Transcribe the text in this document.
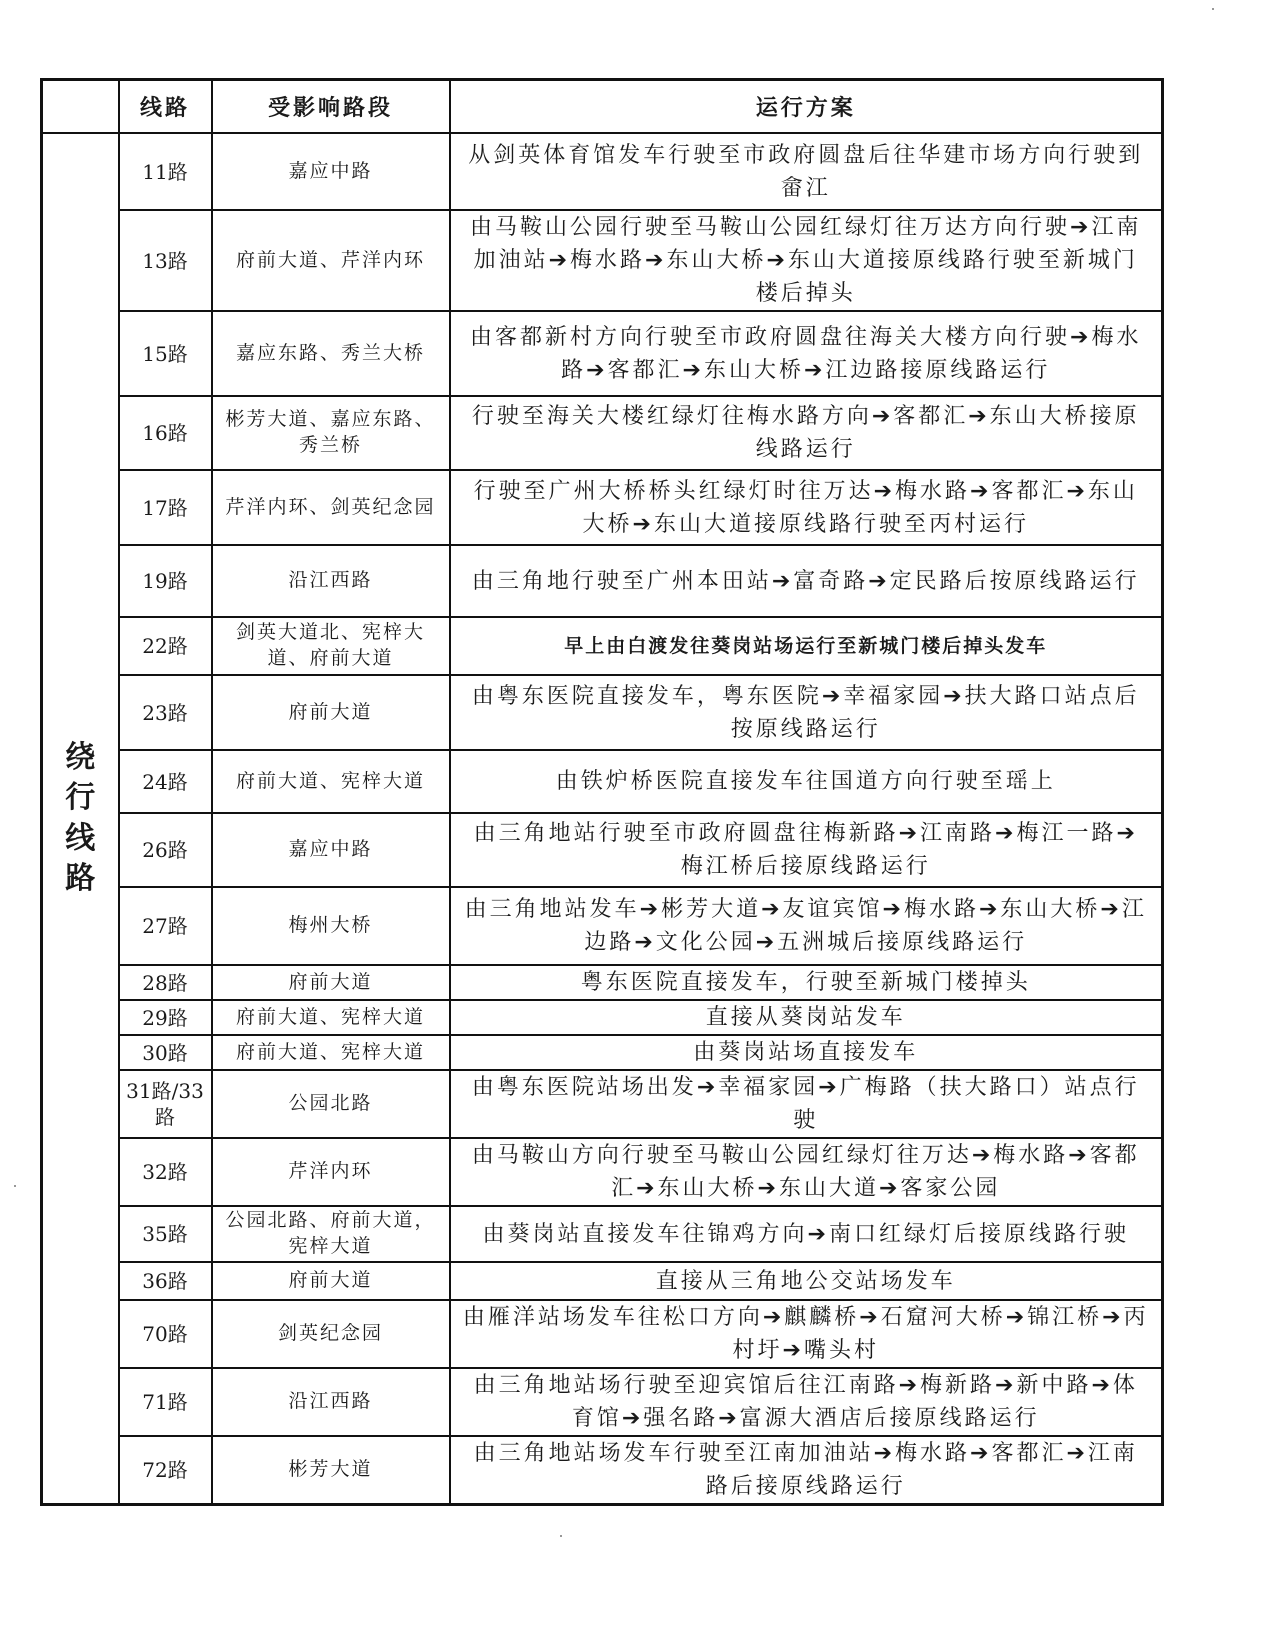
	线路	受影响路段	运行方案
绕行线路	11路	嘉应中路	从剑英体育馆发车行驶至市政府圆盘后往华建市场方向行驶到畲江
	13路	府前大道、芹洋内环	由马鞍山公园行驶至马鞍山公园红绿灯往万达方向行驶➔江南加油站➔梅水路➔东山大桥➔东山大道接原线路行驶至新城门楼后掉头
	15路	嘉应东路、秀兰大桥	由客都新村方向行驶至市政府圆盘往海关大楼方向行驶➔梅水路➔客都汇➔东山大桥➔江边路接原线路运行
	16路	彬芳大道、嘉应东路、秀兰桥	行驶至海关大楼红绿灯往梅水路方向➔客都汇➔东山大桥接原线路运行
	17路	芹洋内环、剑英纪念园	行驶至广州大桥桥头红绿灯时往万达➔梅水路➔客都汇➔东山大桥➔东山大道接原线路行驶至丙村运行
	19路	沿江西路	由三角地行驶至广州本田站➔富奇路➔定民路后按原线路运行
	22路	剑英大道北、宪梓大道、府前大道	早上由白渡发往葵岗站场运行至新城门楼后掉头发车
	23路	府前大道	由粤东医院直接发车，粤东医院➔幸福家园➔扶大路口站点后按原线路运行
	24路	府前大道、宪梓大道	由铁炉桥医院直接发车往国道方向行驶至瑶上
	26路	嘉应中路	由三角地站行驶至市政府圆盘往梅新路➔江南路➔梅江一路➔梅江桥后接原线路运行
	27路	梅州大桥	由三角地站发车➔彬芳大道➔友谊宾馆➔梅水路➔东山大桥➔江边路➔文化公园➔五洲城后接原线路运行
	28路	府前大道	粤东医院直接发车，行驶至新城门楼掉头
	29路	府前大道、宪梓大道	直接从葵岗站发车
	30路	府前大道、宪梓大道	由葵岗站场直接发车
	31路/33路	公园北路	由粤东医院站场出发➔幸福家园➔广梅路（扶大路口）站点行驶
	32路	芹洋内环	由马鞍山方向行驶至马鞍山公园红绿灯往万达➔梅水路➔客都汇➔东山大桥➔东山大道➔客家公园
	35路	公园北路、府前大道，宪梓大道	由葵岗站直接发车往锦鸡方向➔南口红绿灯后接原线路行驶
	36路	府前大道	直接从三角地公交站场发车
	70路	剑英纪念园	由雁洋站场发车往松口方向➔麒麟桥➔石窟河大桥➔锦江桥➔丙村圩➔嘴头村
	71路	沿江西路	由三角地站场行驶至迎宾馆后往江南路➔梅新路➔新中路➔体育馆➔强名路➔富源大酒店后接原线路运行
	72路	彬芳大道	由三角地站场发车行驶至江南加油站➔梅水路➔客都汇➔江南路后接原线路运行
